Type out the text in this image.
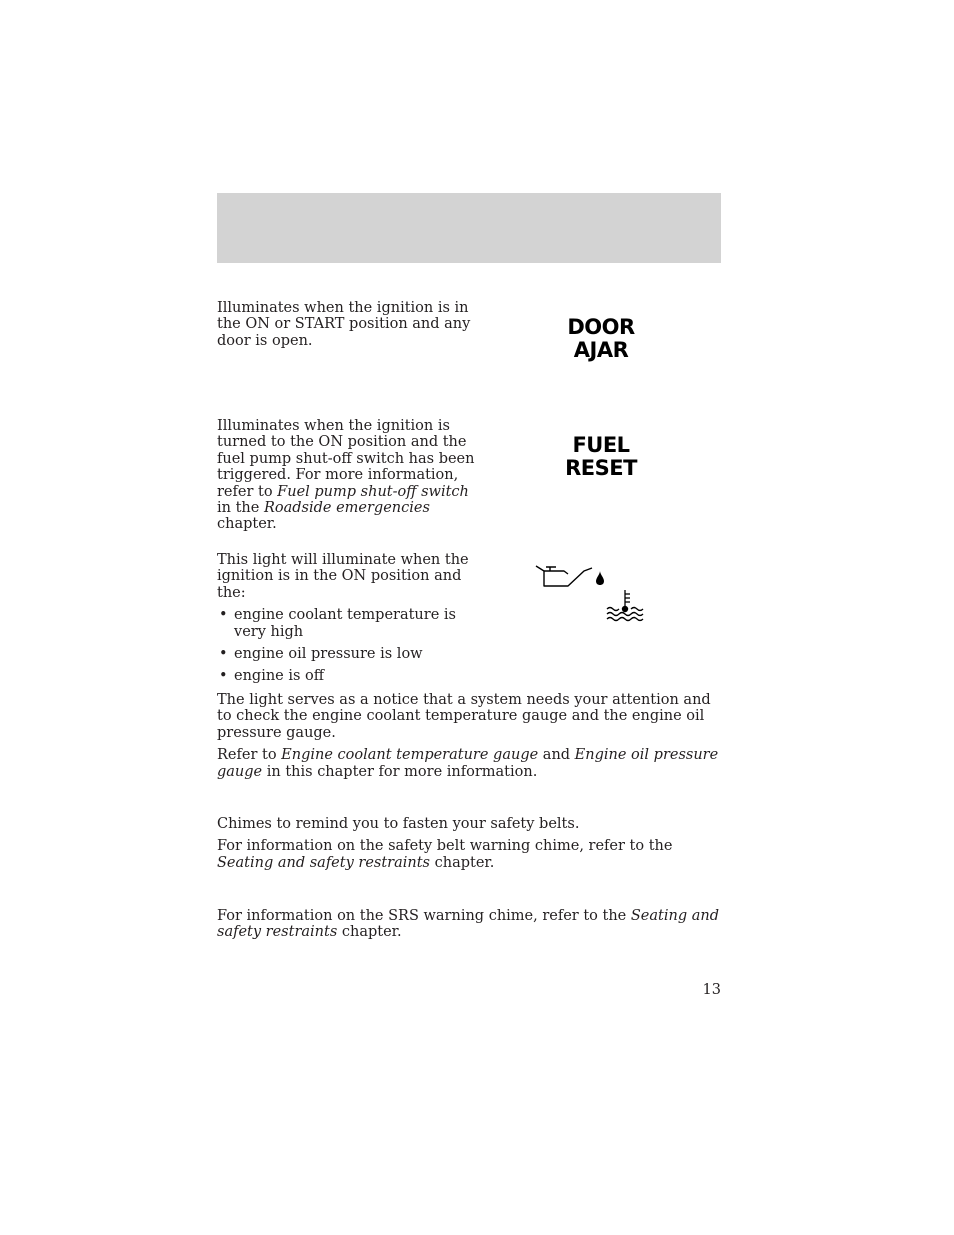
Illuminates when the ignition is in the ON or START position and any door is open.

DOOR
AJAR

Illuminates when the ignition is turned to the ON position and the fuel pump shut-off switch has been triggered. For more information, refer to Fuel pump shut-off switch in the Roadside emergencies chapter.

FUEL
RESET

This light will illuminate when the ignition is in the ON position and the:

• engine coolant temperature is very high
• engine oil pressure is low
• engine is off

The light serves as a notice that a system needs your attention and to check the engine coolant temperature gauge and the engine oil pressure gauge.

Refer to Engine coolant temperature gauge and Engine oil pressure gauge in this chapter for more information.

Chimes to remind you to fasten your safety belts.

For information on the safety belt warning chime, refer to the Seating and safety restraints chapter.

For information on the SRS warning chime, refer to the Seating and safety restraints chapter.

13
